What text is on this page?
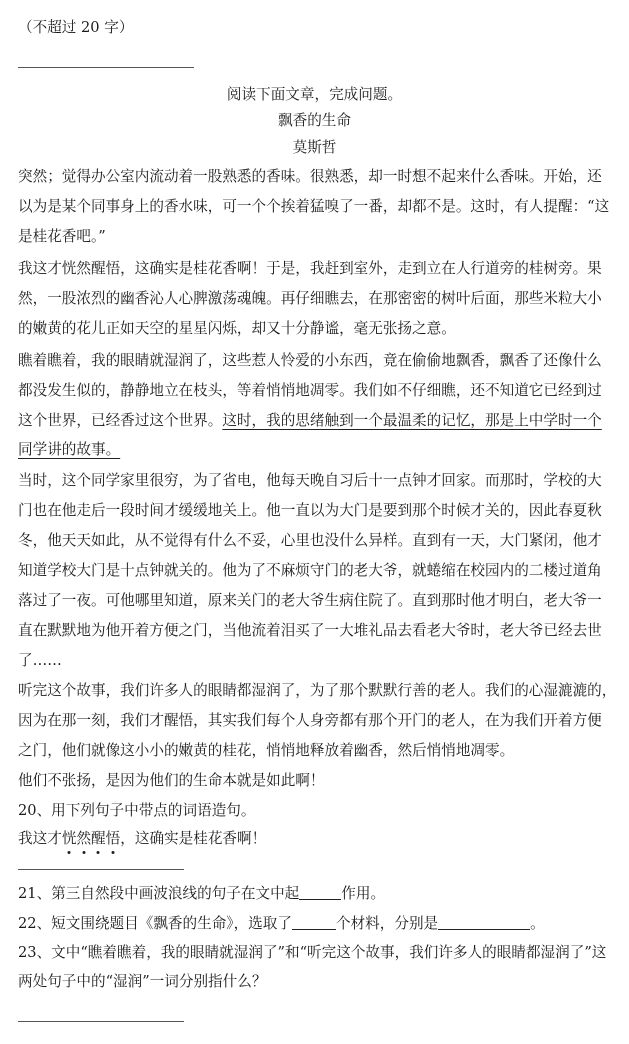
（不超过 20 字）
阅读下面文章，完成问题。
飘香的生命
莫斯哲
突然；觉得办公室内流动着一股熟悉的香味。很熟悉，却一时想不起来什么香味。开始，还
以为是某个同事身上的香水味，可一个个挨着猛嗅了一番，却都不是。这时，有人提醒：“这
是桂花香吧。”
我这才恍然醒悟，这确实是桂花香啊！于是，我赶到室外，走到立在人行道旁的桂树旁。果
然，一股浓烈的幽香沁人心脾激荡魂魄。再仔细瞧去，在那密密的树叶后面，那些米粒大小
的嫩黄的花儿正如天空的星星闪烁，却又十分静谧，毫无张扬之意。
瞧着瞧着，我的眼睛就湿润了，这些惹人怜爱的小东西，竟在偷偷地飘香，飘香了还像什么
都没发生似的，静静地立在枝头，等着悄悄地凋零。我们如不仔细瞧，还不知道它已经到过
这个世界，已经香过这个世界。这时，我的思绪触到一个最温柔的记忆，那是上中学时一个
同学讲的故事。
当时，这个同学家里很穷，为了省电，他每天晚自习后十一点钟才回家。而那时，学校的大
门也在他走后一段时间才缓缓地关上。他一直以为大门是要到那个时候才关的，因此春夏秋
冬，他天天如此，从不觉得有什么不妥，心里也没什么异样。直到有一天，大门紧闭，他才
知道学校大门是十点钟就关的。他为了不麻烦守门的老大爷，就蜷缩在校园内的二楼过道角
落过了一夜。可他哪里知道，原来关门的老大爷生病住院了。直到那时他才明白，老大爷一
直在默默地为他开着方便之门，当他流着泪买了一大堆礼品去看老大爷时，老大爷已经去世
了……
听完这个故事，我们许多人的眼睛都湿润了，为了那个默默行善的老人。我们的心湿漉漉的，
因为在那一刻，我们才醒悟，其实我们每个人身旁都有那个开门的老人，在为我们开着方便
之门，他们就像这小小的嫩黄的桂花，悄悄地释放着幽香，然后悄悄地凋零。
他们不张扬，是因为他们的生命本就是如此啊！
20、用下列句子中带点的词语造句。
我这才恍
然
醒
悟
，这确实是桂花香啊！
21、第三自然段中画波浪线的句子在文中起	作用。
22、短文围绕题目《飘香的生命》，选取了	个材料，分别是	。
23、文中“瞧着瞧着，我的眼睛就湿润了”和“听完这个故事，我们许多人的眼睛都湿润了”这
两处句子中的“湿润”一词分别指什么？
